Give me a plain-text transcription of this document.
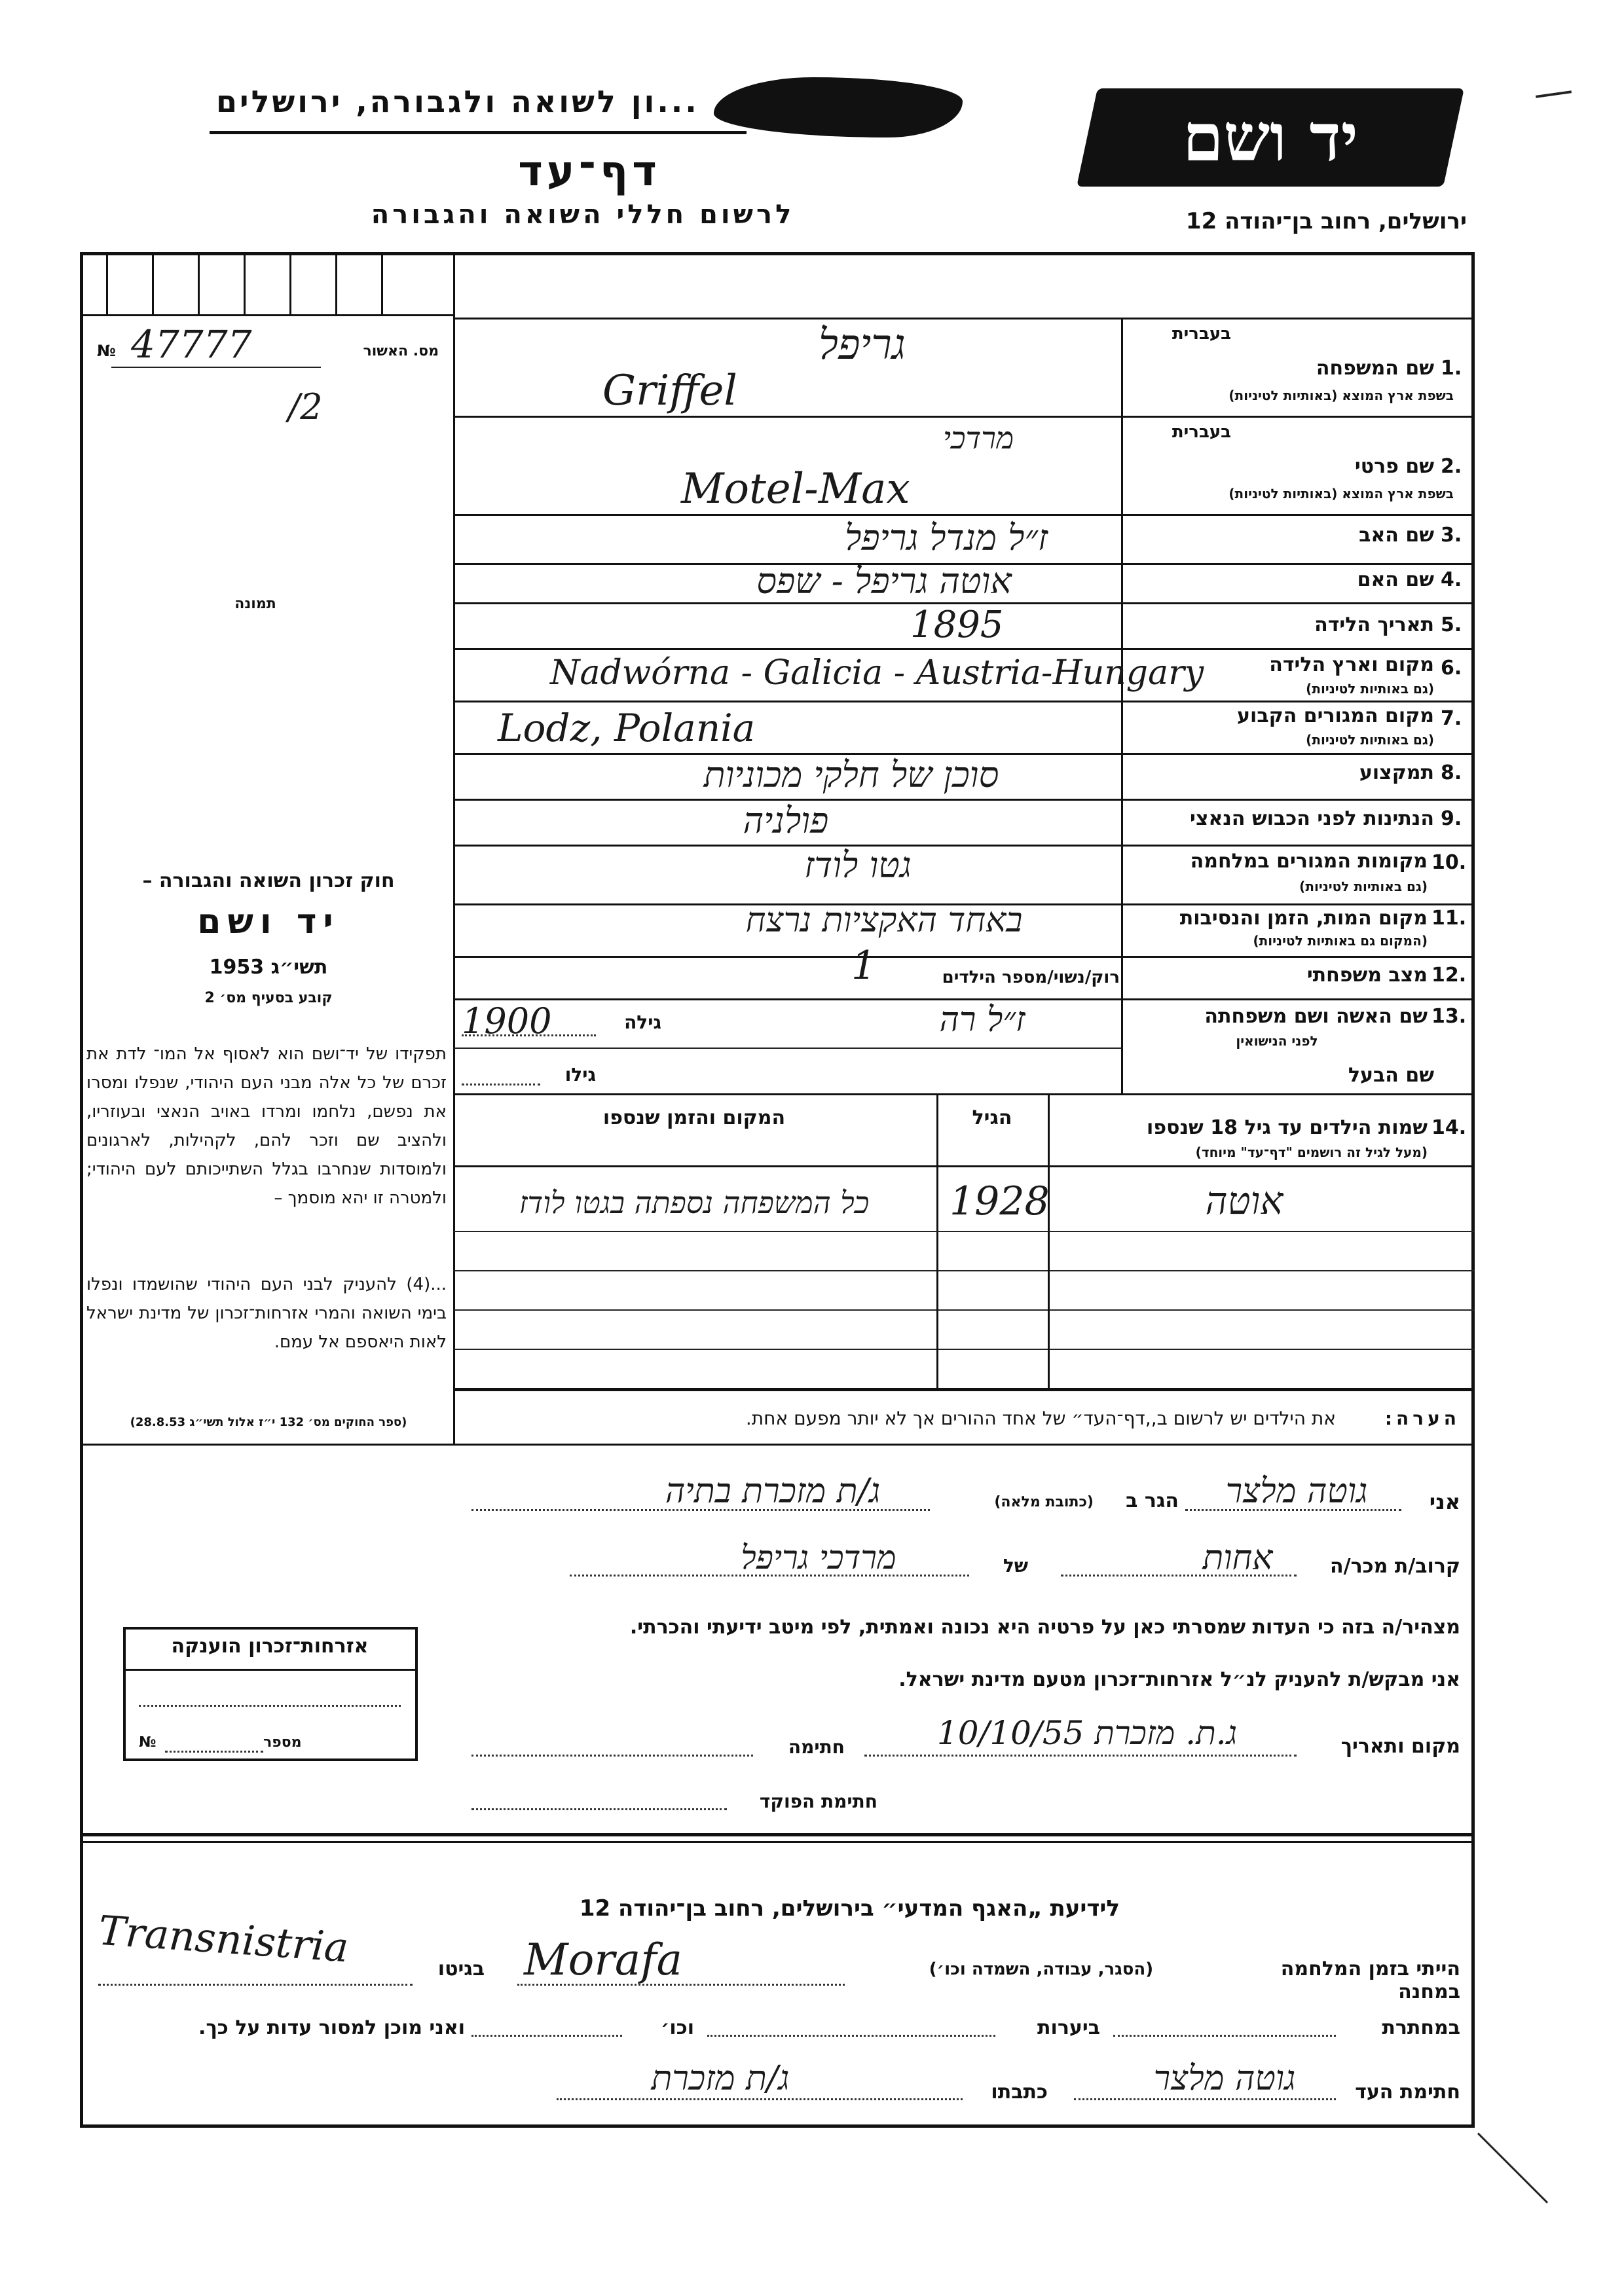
...ון לשואה ולגבורה, ירושלים
דף־עד
לרשום חללי השואה והגבורה
יד ושם
ירושלים, רחוב בן־יהודה 12
№ 47777	מס. האשור
/2
תמונה
חוק זכרון השואה והגבורה –
יד ושם
תשי״ג 1953
קובע בסעיף מס׳ 2
תפקידו של יד־ושם הוא לאסוף אל המו־ לדת את זכרם של כל אלה מבני העם היהודי, שנפלו ומסרו את נפשם, נלחמו ומרדו באויב הנאצי ובעוזריו, ולהציב שם וזכר להם, לקהילות, לארגונים ולמוסדות שנחרבו בגלל השתייכותם לעם היהודי; ולמטרה זו יהא מוסמך –
...(4) להעניק לבני העם היהודי שהושמדו ונפלו בימי השואה והמרי אזרחות־זכרון של מדינת ישראל לאות היאספם אל עמם.
(ספר החוקים מס׳ 132 י״ז אלול תשי״ג 28.8.53)
1.
שם המשפחה
בעברית
בשפת ארץ המוצא (באותיות לטיניות)
גריפל
Griffel
2.
שם פרטי
בעברית
בשפת ארץ המוצא (באותיות לטיניות)
מרדכי
Motel-Max
3.
שם האב
ז״ל מנדל גריפל
4.
שם האם
אוטה גריפל - שפס
5.
תאריך הלידה
1895
6.
מקום וארץ הלידה
(גם באותיות לטיניות)
Nadwórna - Galicia - Austria-Hungary
7.
מקום המגורים הקבוע
(גם באותיות לטיניות)
Lodz, Polania
8.
תמקצוע
סוכן של חלקי מכוניות
9.
הנתינות לפני הכבוש הנאצי
פולניה
10.
מקומות המגורים במלחמה
(גם באותיות לטיניות)
גטו לודז
11.
מקום המות, הזמן והנסיבות
(המקום גם באותיות לטיניות)
באחד האקציות נרצח
12.
מצב משפחתי
רוק/נשוי/מספר הילדים
1
13.
שם האשה ושם משפחתה
לפני הנישואין
ז״ל רה
גילה
1900
שם הבעל
גילו
14.
שמות הילדים עד גיל 18 שנספו
(מעל לגיל זה רושמים "דף־עד" מיוחד)
הגיל
המקום והזמן שנספו
אוטה
1928
כל המשפחה נספתה בגטו לודז
הערה:
את הילדים יש לרשום ב,,דף־העד״ של אחד ההורים אך לא יותר מפעם אחת.
אני
גוטה מלצר
הגר ב
(כתובת מלאה)
ג/ת מזכרת בתיה
קרוב/ת מכר/ה
אחות
של
מרדכי גריפל
מצהיר/ה בזה כי העדות שמסרתי כאן על פרטיה היא נכונה ואמתית, לפי מיטב ידיעתי והכרתי.
אני מבקש/ת להעניק לנ״ל אזרחות־זכרון מטעם מדינת ישראל.
מקום ותאריך
ג.ת. מזכרת 10/10/55
חתימה
חתימת הפוקד
אזרחות־זכרון הוענקה
№	מספר
לידיעת „האגף המדעי״ בירושלים, רחוב בן־יהודה 12
הייתי בזמן המלחמה במחנה
(הסגר, עבודה, השמדה וכו׳)
Morafa
בגיטו
Transnistria
במחתרת
ביערות
וכו׳
ואני מוכן למסור עדות על כך.
חתימת העד
גוטה מלצר
כתבתו
ג/ת מזכרת
